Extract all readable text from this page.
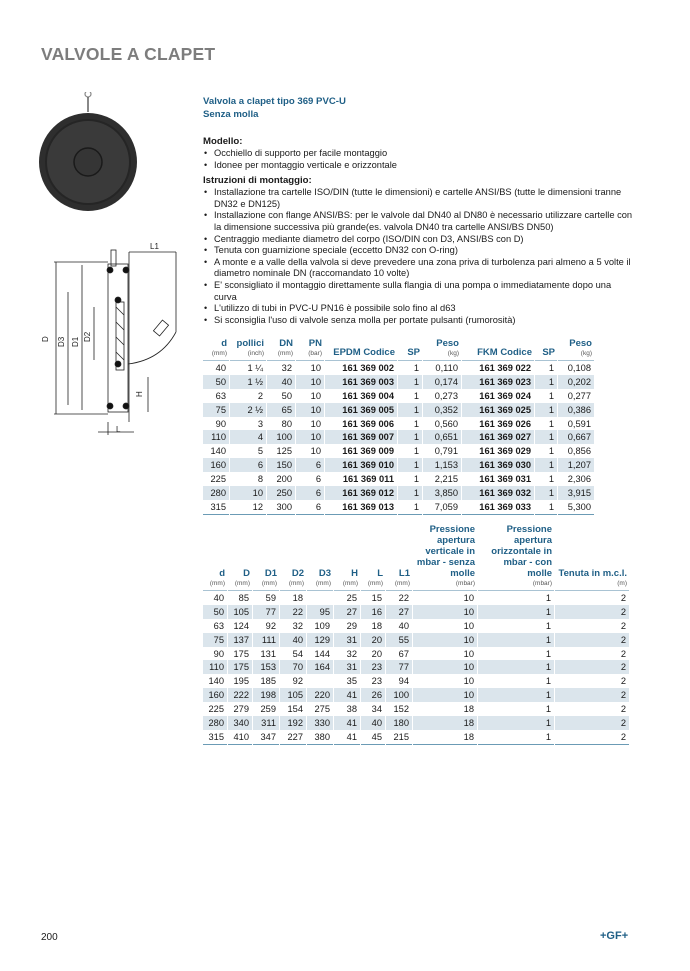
VALVOLE A CLAPET
L1
D D3 D1 D2
H
L
Valvola a clapet tipo 369 PVC-U
Senza molla
Modello:
• Occhiello di supporto per facile montaggio
• Idonee per montaggio verticale e orizzontale
Istruzioni di montaggio:
• Installazione tra cartelle ISO/DIN (tutte le dimensioni) e cartelle ANSI/BS (tutte le dimensioni tranne DN32 e DN125)
• Installazione con flange ANSI/BS: per le valvole dal DN40 al DN80 è necessario utilizzare cartelle con la dimensione successiva più grande(es. valvola DN40 tra cartelle ANSI/BS DN50)
• Centraggio mediante diametro del corpo (ISO/DIN con D3, ANSI/BS con D)
• Tenuta con guarnizione speciale (eccetto DN32 con O-ring)
• A monte e a valle della valvola si deve prevedere una zona priva di turbolenza pari almeno a 5 volte il diametro nominale DN (raccomandato 10 volte)
• E' sconsigliato il montaggio direttamente sulla flangia di una pompa o immediatamente dopo una curva
• L'utilizzo di tubi in PVC-U PN16 è possibile solo fino al d63
• Si sconsiglia l'uso di valvole senza molla per portate pulsanti (rumorosità)
d
(mm)	pollici
(inch)	DN
(mm)	PN
(bar)	EPDM Codice	SP	Peso
(kg)	FKM Codice	SP	Peso
(kg)

40	1 ¼	32	10	161 369 002	1	0,110	161 369 022	1	0,108
50	1 ½	40	10	161 369 003	1	0,174	161 369 023	1	0,202
63	2	50	10	161 369 004	1	0,273	161 369 024	1	0,277
75	2 ½	65	10	161 369 005	1	0,352	161 369 025	1	0,386
90	3	80	10	161 369 006	1	0,560	161 369 026	1	0,591
110	4	100	10	161 369 007	1	0,651	161 369 027	1	0,667
140	5	125	10	161 369 009	1	0,791	161 369 029	1	0,856
160	6	150	6	161 369 010	1	1,153	161 369 030	1	1,207
225	8	200	6	161 369 011	1	2,215	161 369 031	1	2,306
280	10	250	6	161 369 012	1	3,850	161 369 032	1	3,915
315	12	300	6	161 369 013	1	7,059	161 369 033	1	5,300
d
(mm)	D
(mm)	D1
(mm)	D2
(mm)	D3
(mm)	H
(mm)	L
(mm)	L1
(mm)	Pressione apertura verticale in mbar - senza molle
(mbar)	Pressione apertura orizzontale in mbar - con molle
(mbar)	Tenuta in m.c.l.
(m)

40	85	59	18		25	15	22	10	1	2
50	105	77	22	95	27	16	27	10	1	2
63	124	92	32	109	29	18	40	10	1	2
75	137	111	40	129	31	20	55	10	1	2
90	175	131	54	144	32	20	67	10	1	2
110	175	153	70	164	31	23	77	10	1	2
140	195	185	92		35	23	94	10	1	2
160	222	198	105	220	41	26	100	10	1	2
225	279	259	154	275	38	34	152	18	1	2
280	340	311	192	330	41	40	180	18	1	2
315	410	347	227	380	41	45	215	18	1	2
200	+GF+
